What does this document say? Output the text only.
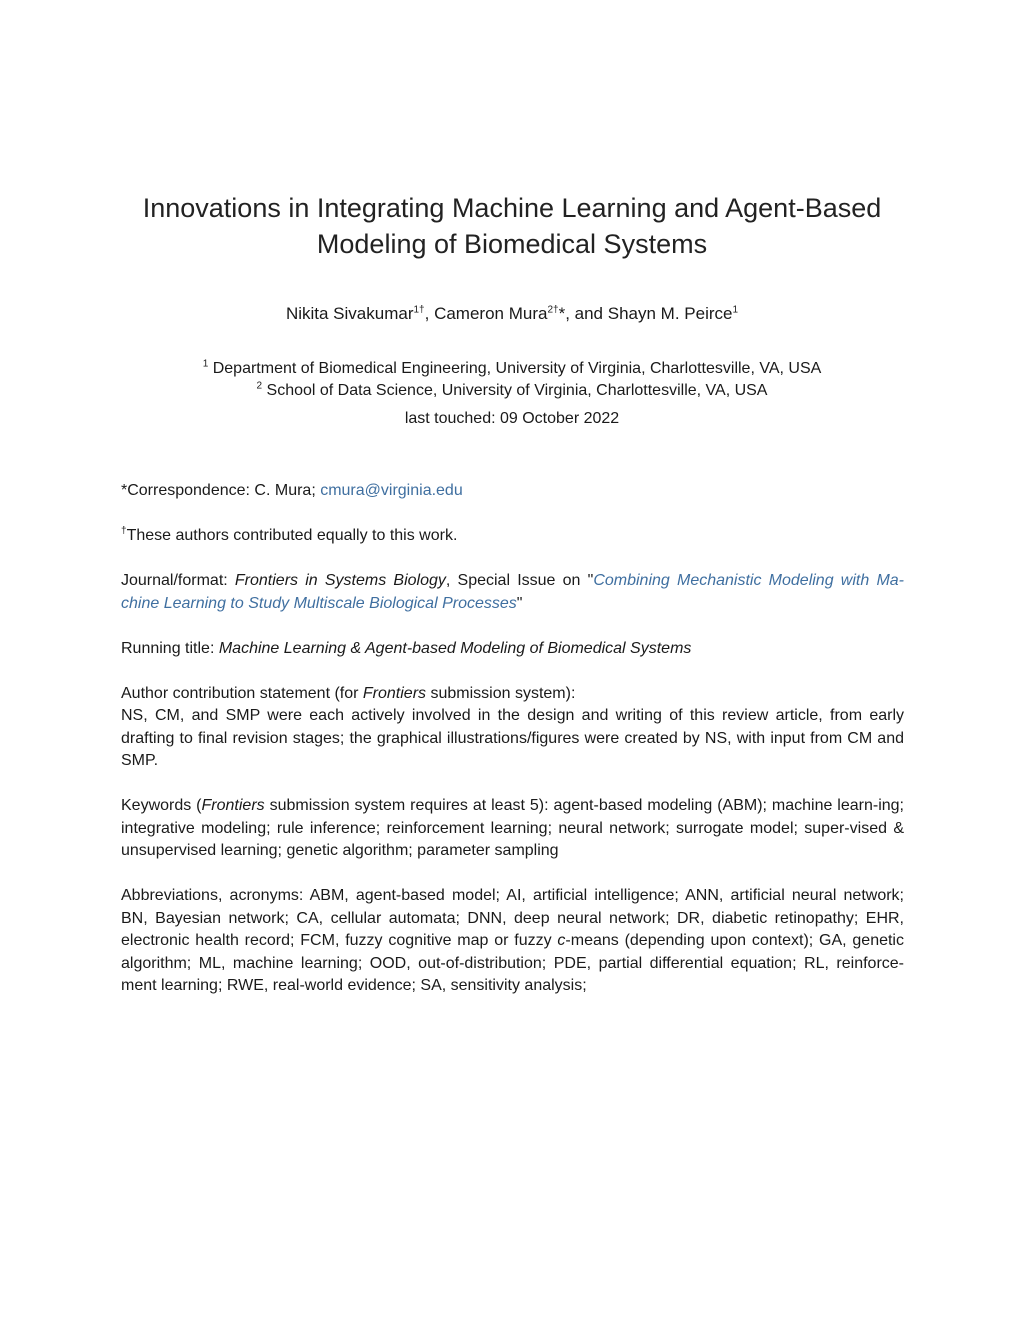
Innovations in Integrating Machine Learning and Agent-Based
Modeling of Biomedical Systems
Nikita Sivakumar$^{1\dagger}$, Cameron Mura$^{2\dagger}$*, and Shayn M. Peirce$^1$
$^1$ Department of Biomedical Engineering, University of Virginia, Charlottesville, VA, USA
$^2$ School of Data Science, University of Virginia, Charlottesville, VA, USA
last touched: 09 October 2022

*Correspondence: C. Mura; cmura@virginia.edu

†These authors contributed equally to this work.

Journal/format: Frontiers in Systems Biology, Special Issue on "Combining Mechanistic Modeling with Ma-chine Learning to Study Multiscale Biological Processes"

Running title: Machine Learning & Agent-based Modeling of Biomedical Systems

Author contribution statement (for Frontiers submission system):
NS, CM, and SMP were each actively involved in the design and writing of this review article, from early drafting to final revision stages; the graphical illustrations/figures were created by NS, with input from CM and SMP.

Keywords (Frontiers submission system requires at least 5): agent-based modeling (ABM); machine learn-ing; integrative modeling; rule inference; reinforcement learning; neural network; surrogate model; super-vised & unsupervised learning; genetic algorithm; parameter sampling

Abbreviations, acronyms: ABM, agent-based model; AI, artificial intelligence; ANN, artificial neural network; BN, Bayesian network; CA, cellular automata; DNN, deep neural network; DR, diabetic retinopathy; EHR, electronic health record; FCM, fuzzy cognitive map or fuzzy c-means (depending upon context); GA, genetic algorithm; ML, machine learning; OOD, out-of-distribution; PDE, partial differential equation; RL, reinforce-ment learning; RWE, real-world evidence; SA, sensitivity analysis;
